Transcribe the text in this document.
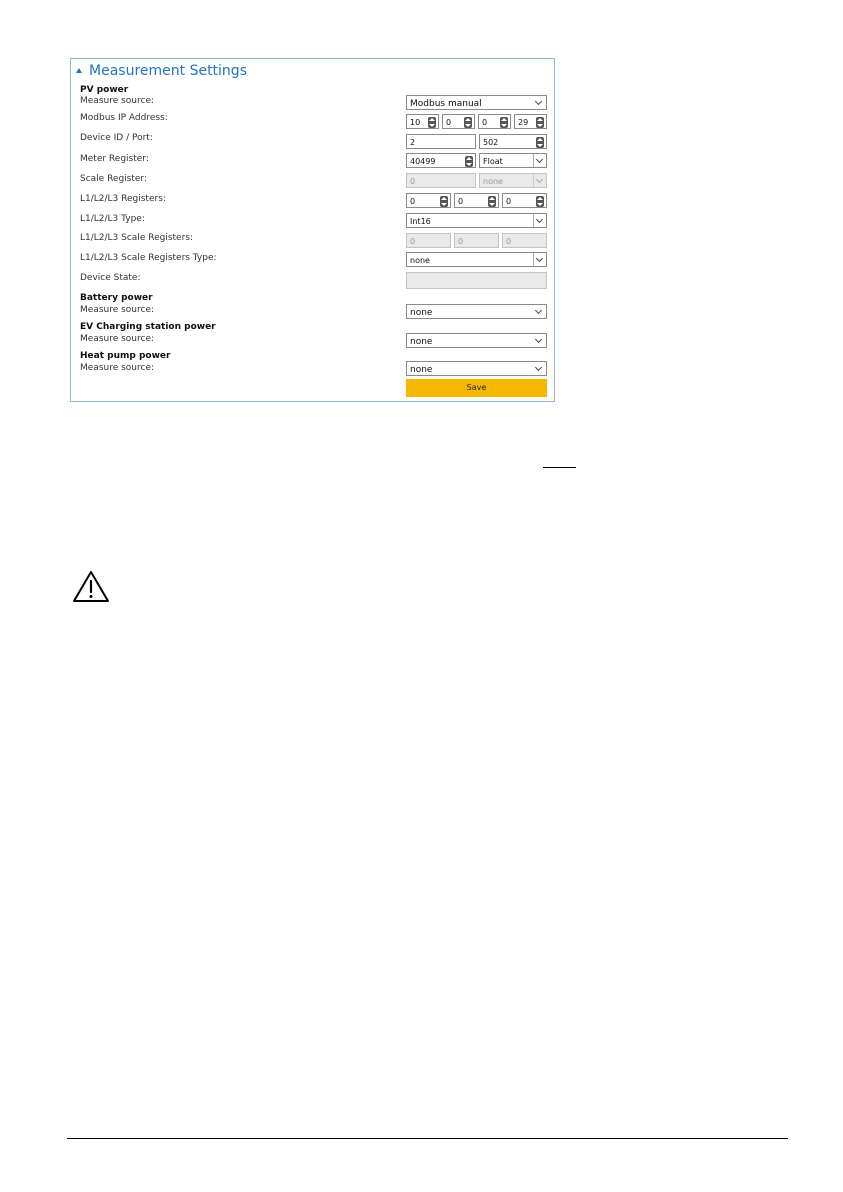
Measurement Settings
PV power
Measure source:	Modbus manual
Modbus IP Address:	10	0	0	29
Device ID / Port:	2	502
Meter Register:	40499	Float
Scale Register:	0	none
L1/L2/L3 Registers:	0	0	0
L1/L2/L3 Type:	Int16
L1/L2/L3 Scale Registers:	0	0	0
L1/L2/L3 Scale Registers Type:	none
Device State:
Battery power
Measure source:	none
EV Charging station power
Measure source:	none
Heat pump power
Measure source:	none
Save
